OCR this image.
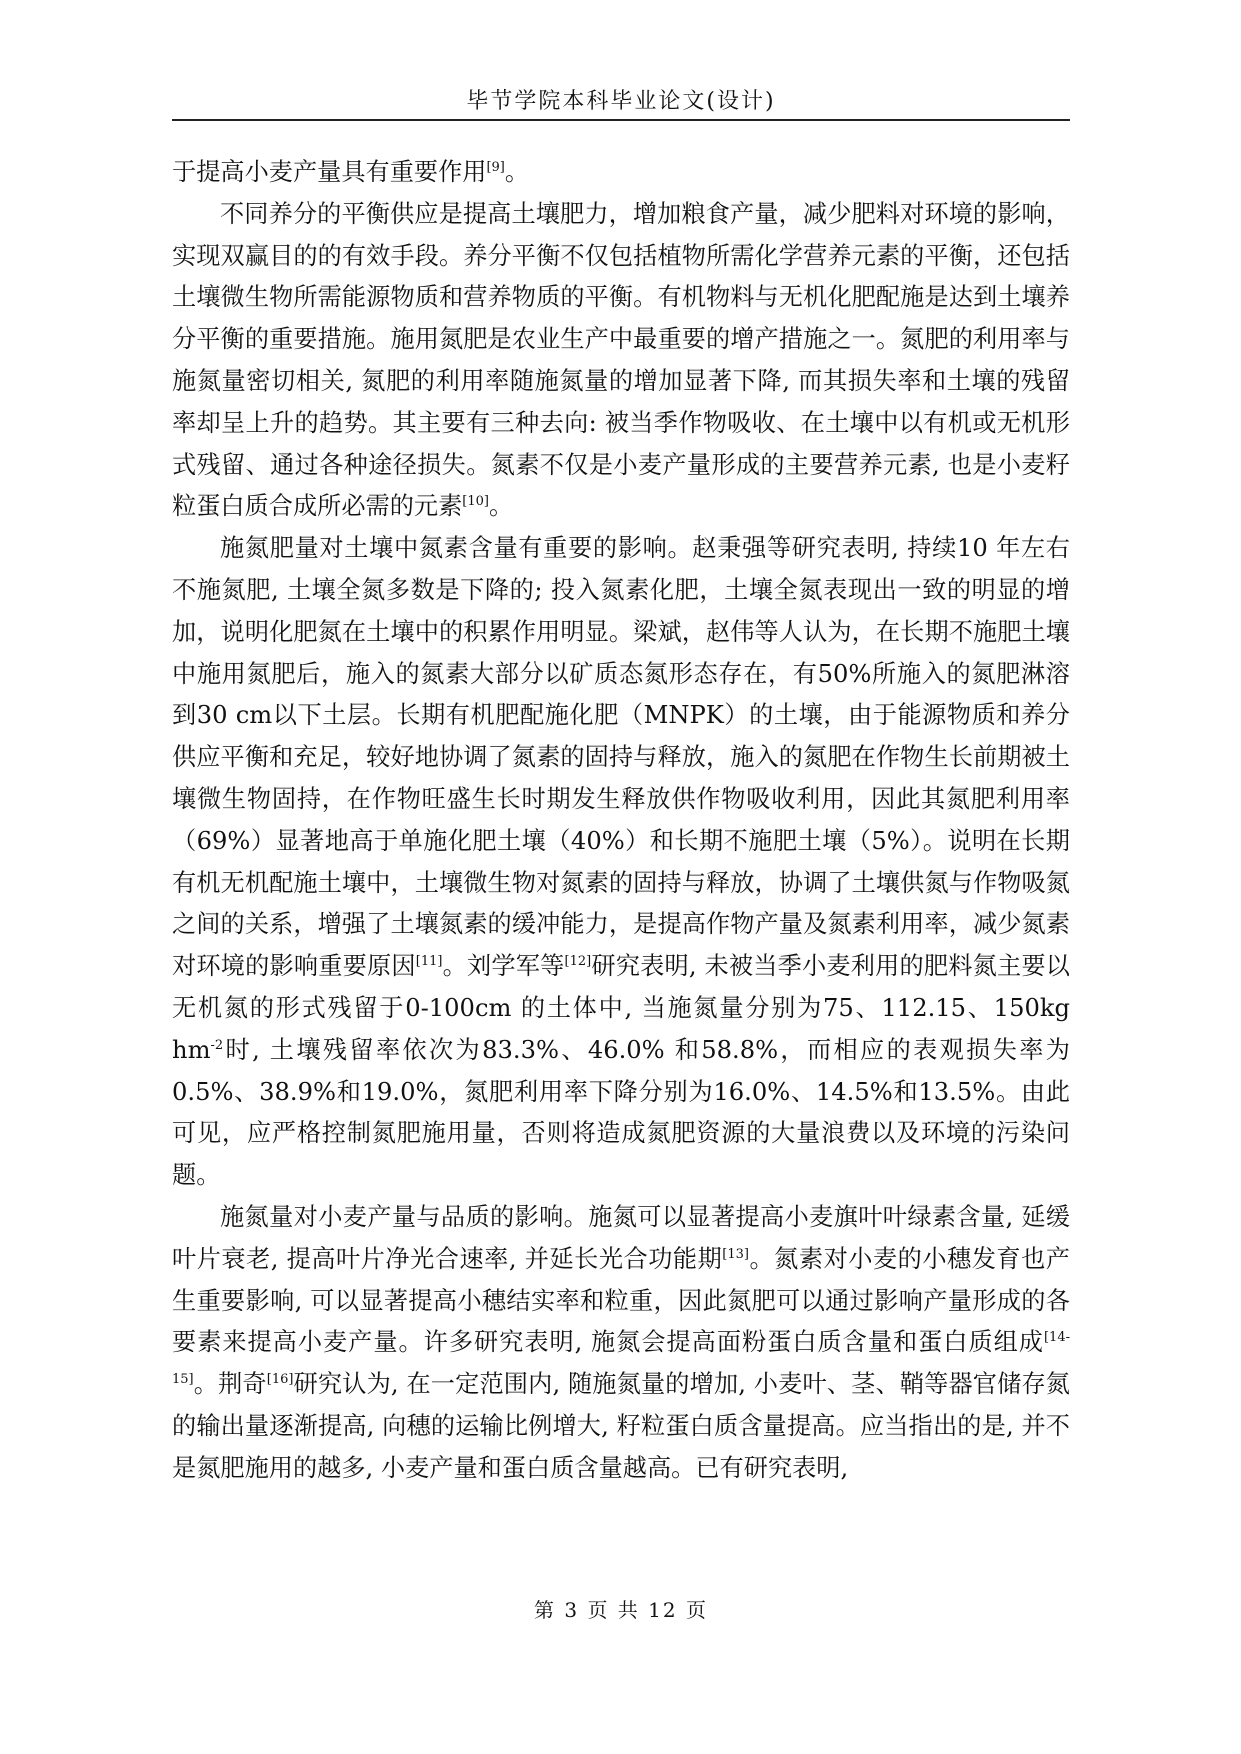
毕节学院本科毕业论文(设计)

于提高小麦产量具有重要作用[9]。

不同养分的平衡供应是提高土壤肥力，增加粮食产量，减少肥料对环境的影响，实现双赢目的的有效手段。养分平衡不仅包括植物所需化学营养元素的平衡，还包括土壤微生物所需能源物质和营养物质的平衡。有机物料与无机化肥配施是达到土壤养分平衡的重要措施。施用氮肥是农业生产中最重要的增产措施之一。氮肥的利用率与施氮量密切相关, 氮肥的利用率随施氮量的增加显著下降, 而其损失率和土壤的残留率却呈上升的趋势。其主要有三种去向: 被当季作物吸收、在土壤中以有机或无机形式残留、通过各种途径损失。氮素不仅是小麦产量形成的主要营养元素, 也是小麦籽粒蛋白质合成所必需的元素[10]。

施氮肥量对土壤中氮素含量有重要的影响。赵秉强等研究表明, 持续10 年左右不施氮肥, 土壤全氮多数是下降的; 投入氮素化肥，土壤全氮表现出一致的明显的增加，说明化肥氮在土壤中的积累作用明显。梁斌，赵伟等人认为，在长期不施肥土壤中施用氮肥后，施入的氮素大部分以矿质态氮形态存在，有50%所施入的氮肥淋溶到30 cm以下土层。长期有机肥配施化肥（MNPK）的土壤，由于能源物质和养分供应平衡和充足，较好地协调了氮素的固持与释放，施入的氮肥在作物生长前期被土壤微生物固持，在作物旺盛生长时期发生释放供作物吸收利用，因此其氮肥利用率（69%）显著地高于单施化肥土壤（40%）和长期不施肥土壤（5%）。说明在长期有机无机配施土壤中，土壤微生物对氮素的固持与释放，协调了土壤供氮与作物吸氮之间的关系，增强了土壤氮素的缓冲能力，是提高作物产量及氮素利用率，减少氮素对环境的影响重要原因[11]。刘学军等[12]研究表明, 未被当季小麦利用的肥料氮主要以无机氮的形式残留于0-100cm 的土体中, 当施氮量分别为75、112.15、150kg $hm^{-2}$时, 土壤残留率依次为83.3%、46.0% 和58.8%，而相应的表观损失率为0.5%、38.9%和19.0%，氮肥利用率下降分别为16.0%、14.5%和13.5%。由此可见，应严格控制氮肥施用量，否则将造成氮肥资源的大量浪费以及环境的污染问题。

施氮量对小麦产量与品质的影响。施氮可以显著提高小麦旗叶叶绿素含量, 延缓叶片衰老, 提高叶片净光合速率, 并延长光合功能期[13]。氮素对小麦的小穗发育也产生重要影响, 可以显著提高小穗结实率和粒重，因此氮肥可以通过影响产量形成的各要素来提高小麦产量。许多研究表明, 施氮会提高面粉蛋白质含量和蛋白质组成[14-15]。荆奇[16]研究认为, 在一定范围内, 随施氮量的增加, 小麦叶、茎、鞘等器官储存氮的输出量逐渐提高, 向穗的运输比例增大, 籽粒蛋白质含量提高。应当指出的是, 并不是氮肥施用的越多, 小麦产量和蛋白质含量越高。已有研究表明,

第 3 页 共 12 页
